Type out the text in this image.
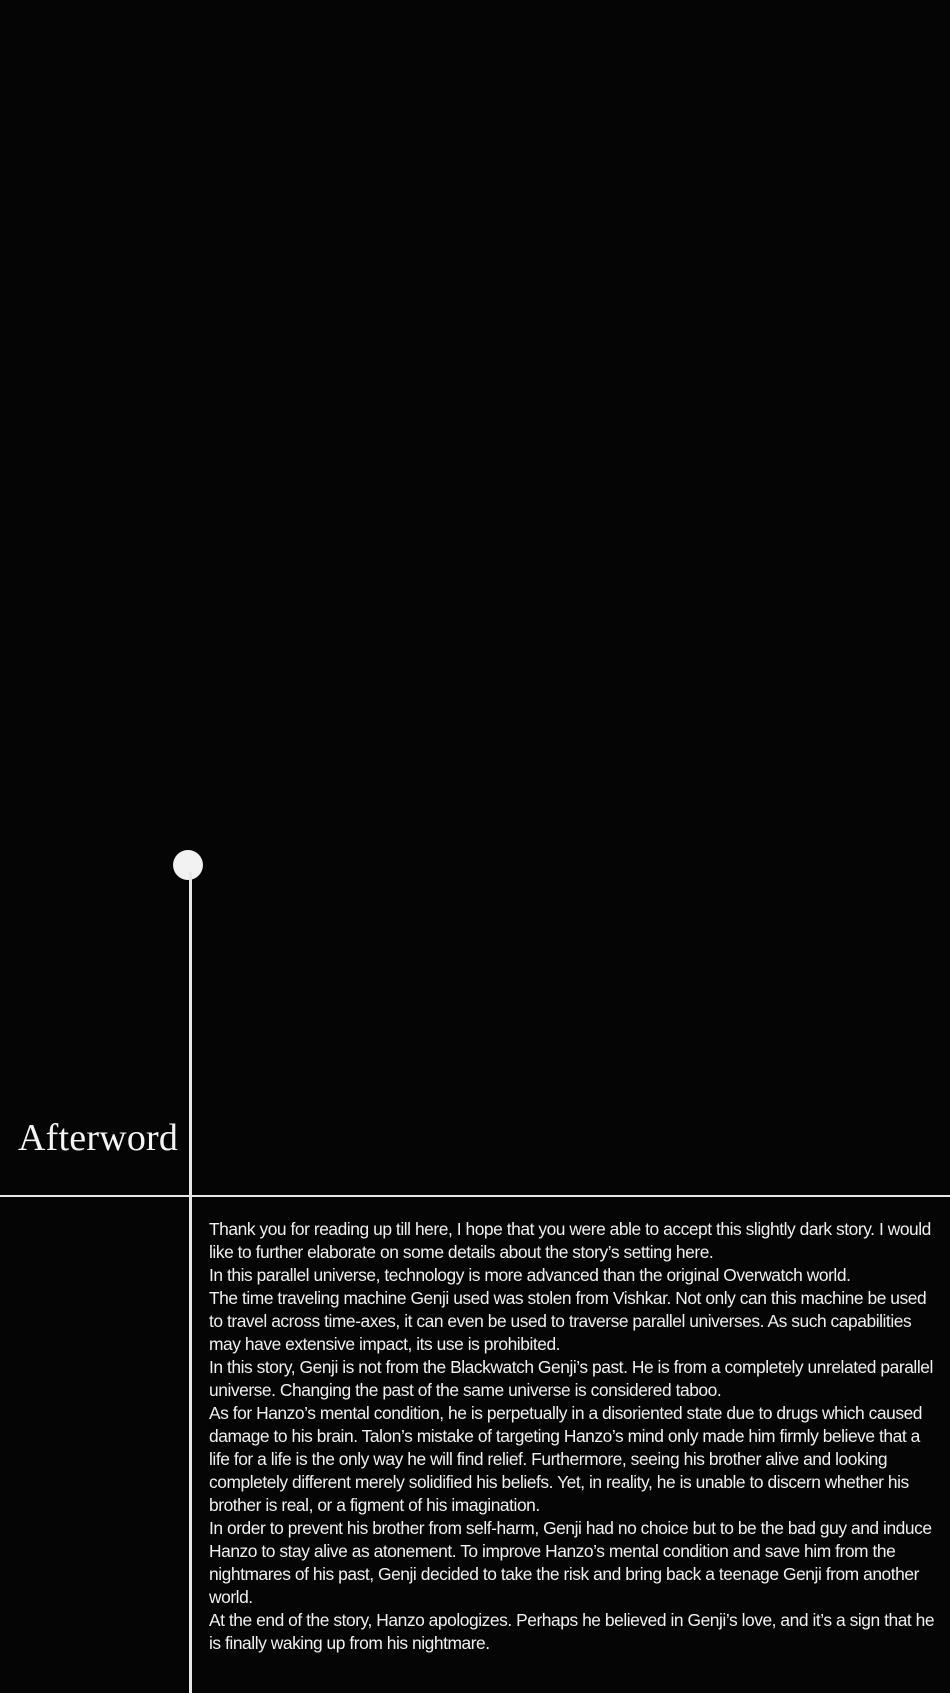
Afterword

Thank you for reading up till here, I hope that you were able to accept this slightly dark story. I would like to further elaborate on some details about the story’s setting here.

In this parallel universe, technology is more advanced than the original Overwatch world.

The time traveling machine Genji used was stolen from Vishkar. Not only can this machine be used to travel across time-axes, it can even be used to traverse parallel universes. As such capabilities may have extensive impact, its use is prohibited.

In this story, Genji is not from the Blackwatch Genji’s past. He is from a completely unrelated parallel universe. Changing the past of the same universe is considered taboo.

As for Hanzo’s mental condition, he is perpetually in a disoriented state due to drugs which caused damage to his brain. Talon’s mistake of targeting Hanzo’s mind only made him firmly believe that a life for a life is the only way he will find relief. Furthermore, seeing his brother alive and looking completely different merely solidified his beliefs. Yet, in reality, he is unable to discern whether his brother is real, or a figment of his imagination.

In order to prevent his brother from self-harm, Genji had no choice but to be the bad guy and induce Hanzo to stay alive as atonement. To improve Hanzo’s mental condition and save him from the nightmares of his past, Genji decided to take the risk and bring back a teenage Genji from another world.

At the end of the story, Hanzo apologizes. Perhaps he believed in Genji’s love, and it’s a sign that he is finally waking up from his nightmare.
